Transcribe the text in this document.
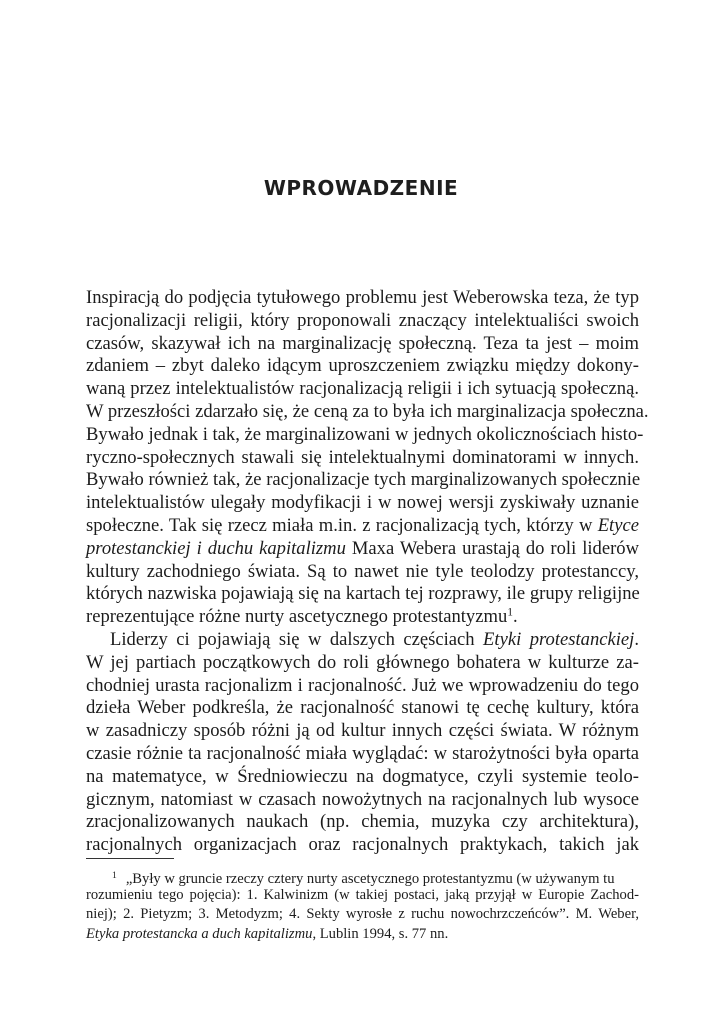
WPROWADZENIE
Inspiracją do podjęcia tytułowego problemu jest Weberowska teza, że typ
racjonalizacji religii, który proponowali znaczący intelektualiści swoich
czasów, skazywał ich na marginalizację społeczną. Teza ta jest – moim
zdaniem – zbyt daleko idącym uproszczeniem związku między dokony-
waną przez intelektualistów racjonalizacją religii i ich sytuacją społeczną.
W przeszłości zdarzało się, że ceną za to była ich marginalizacja społeczna.
Bywało jednak i tak, że marginalizowani w jednych okolicznościach histo-
ryczno-społecznych stawali się intelektualnymi dominatorami w innych.
Bywało również tak, że racjonalizacje tych marginalizowanych społecznie
intelektualistów ulegały modyfikacji i w nowej wersji zyskiwały uznanie
społeczne. Tak się rzecz miała m.in. z racjonalizacją tych, którzy w Etyce
protestanckiej i duchu kapitalizmu Maxa Webera urastają do roli liderów
kultury zachodniego świata. Są to nawet nie tyle teolodzy protestanccy,
których nazwiska pojawiają się na kartach tej rozprawy, ile grupy religijne
reprezentujące różne nurty ascetycznego protestantyzmu$^1$.
Liderzy ci pojawiają się w dalszych częściach Etyki protestanckiej.
W jej partiach początkowych do roli głównego bohatera w kulturze za-
chodniej urasta racjonalizm i racjonalność. Już we wprowadzeniu do tego
dzieła Weber podkreśla, że racjonalność stanowi tę cechę kultury, która
w zasadniczy sposób różni ją od kultur innych części świata. W różnym
czasie różnie ta racjonalność miała wyglądać: w starożytności była oparta
na matematyce, w Średniowieczu na dogmatyce, czyli systemie teolo-
gicznym, natomiast w czasach nowożytnych na racjonalnych lub wysoce
zracjonalizowanych naukach (np. chemia, muzyka czy architektura),
racjonalnych organizacjach oraz racjonalnych praktykach, takich jak
$^1$ „Były w gruncie rzeczy cztery nurty ascetycznego protestantyzmu (w używanym tu
rozumieniu tego pojęcia): 1. Kalwinizm (w takiej postaci, jaką przyjął w Europie Zachod-
niej); 2. Pietyzm; 3. Metodyzm; 4. Sekty wyrosłe z ruchu nowochrzczeńców”. M. Weber,
Etyka protestancka a duch kapitalizmu, Lublin 1994, s. 77 nn.
